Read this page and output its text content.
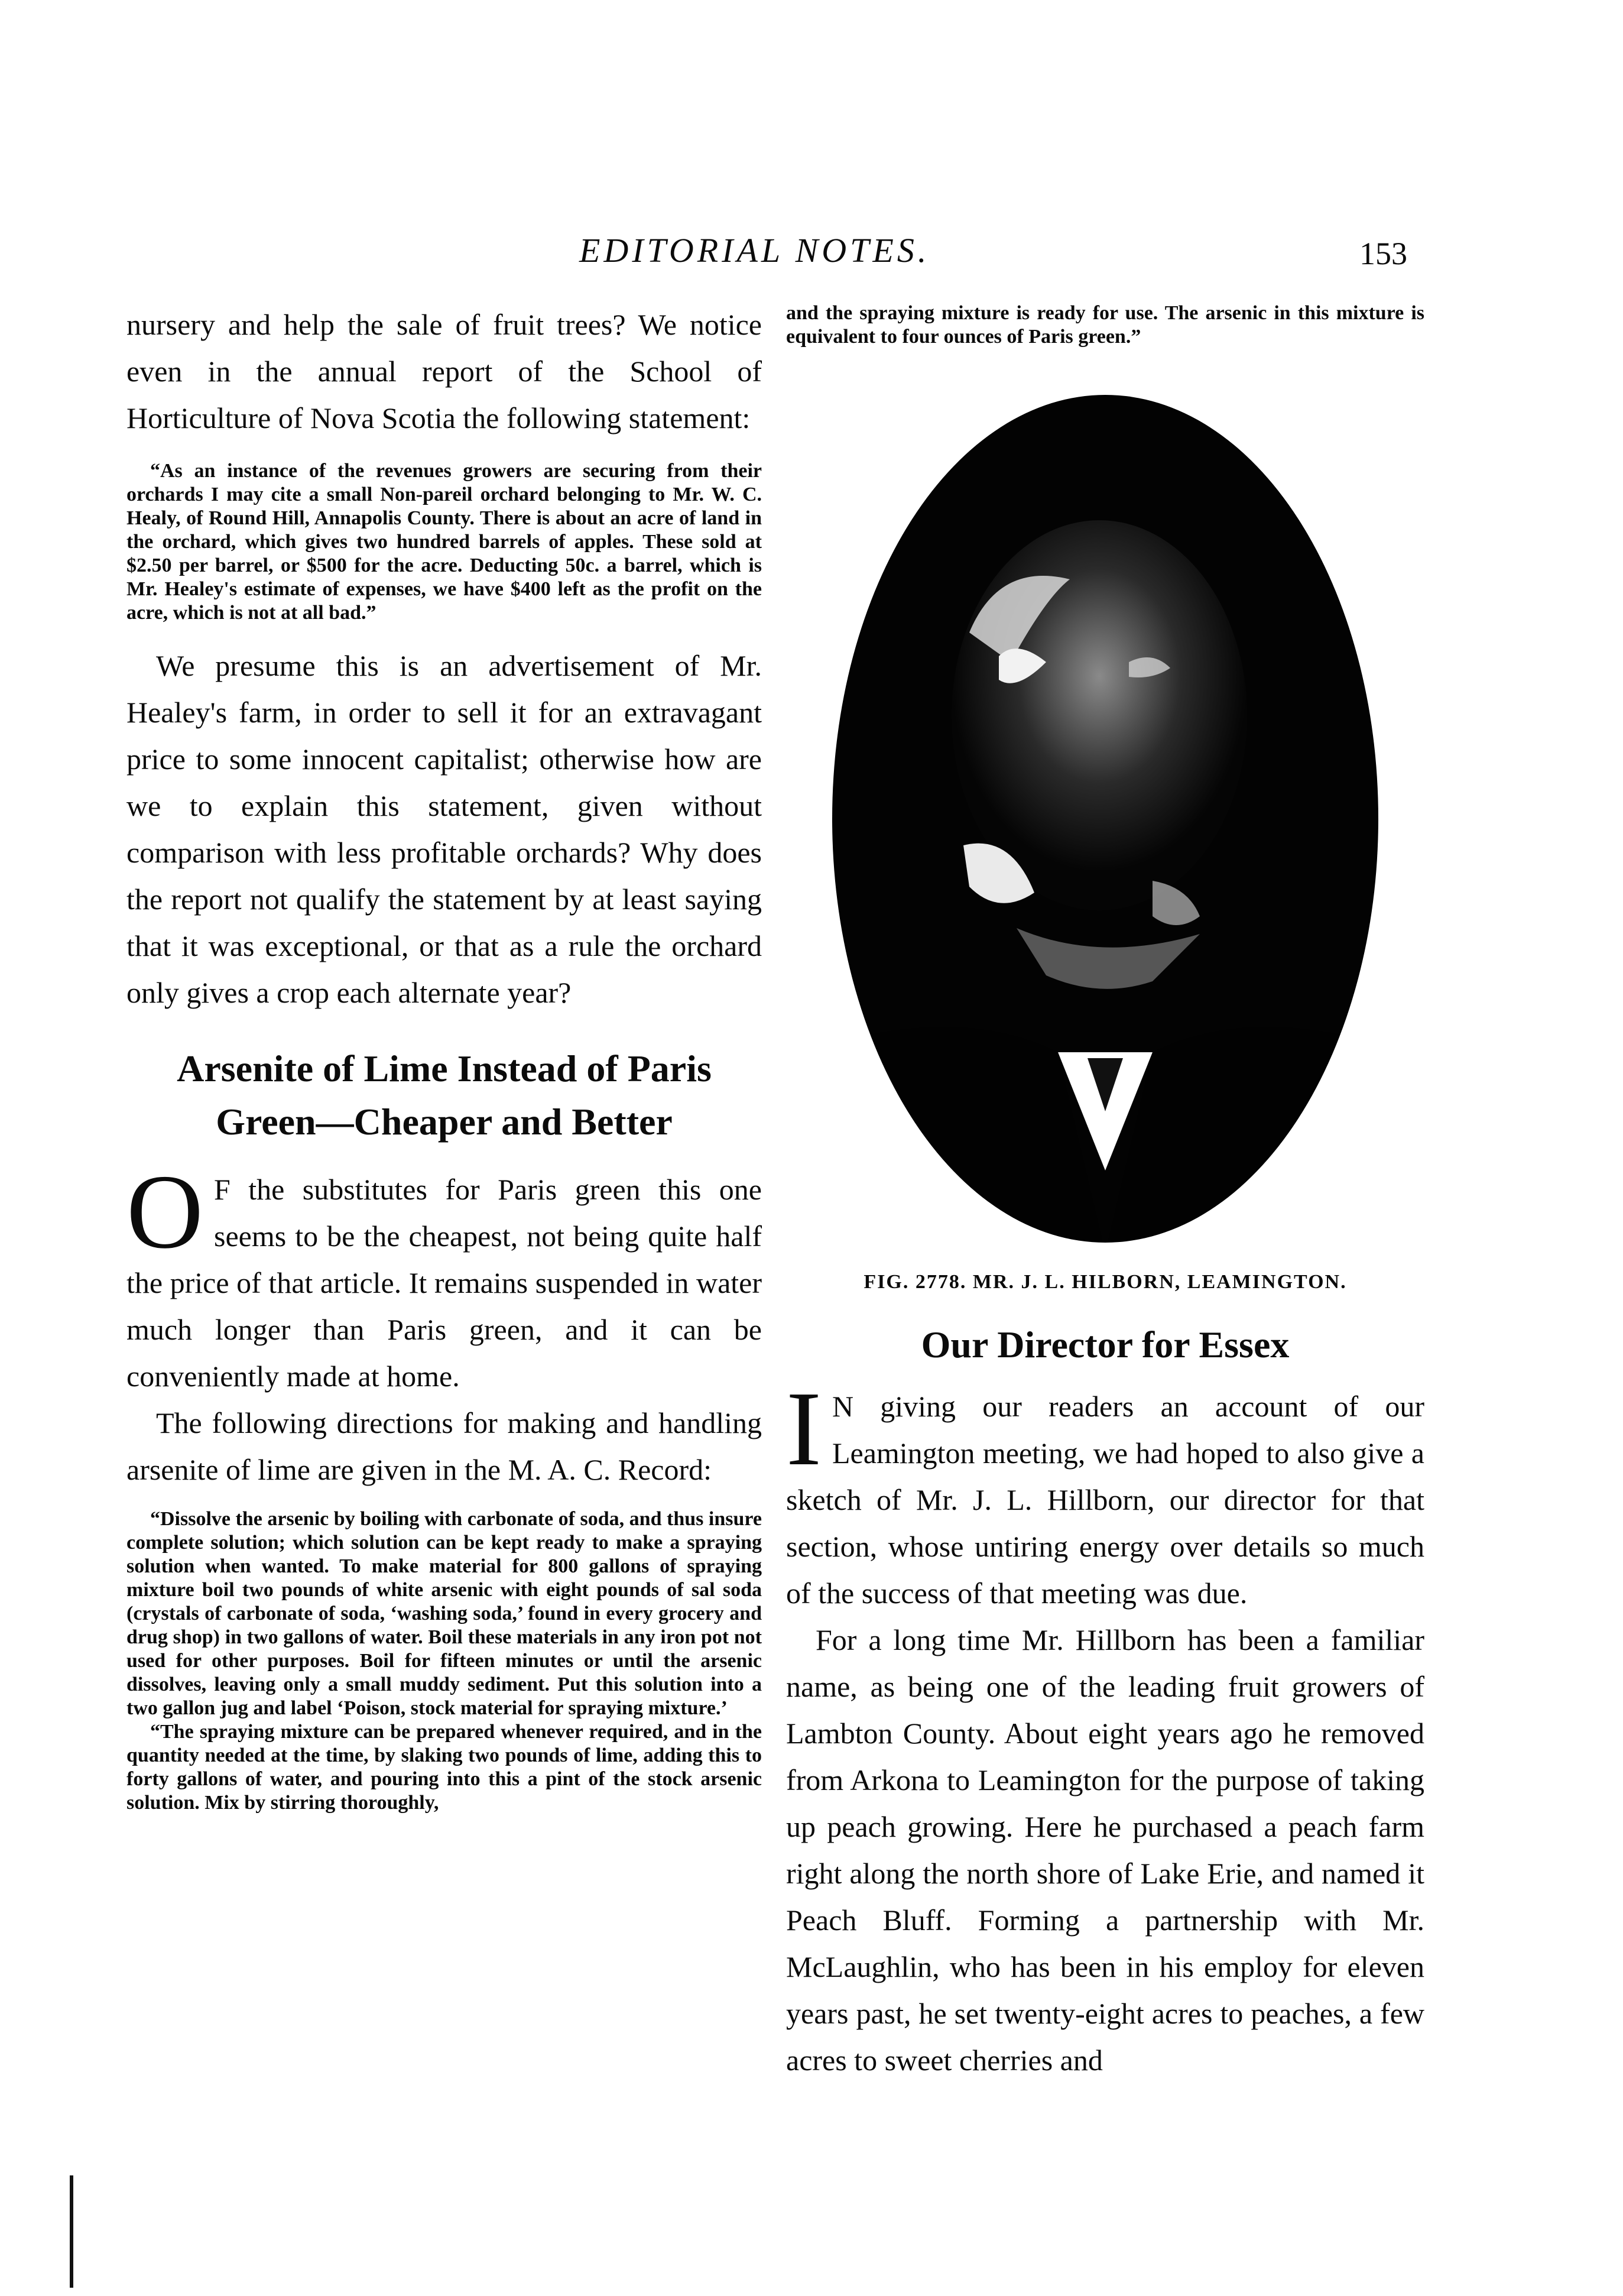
EDITORIAL NOTES.	153

nursery and help the sale of fruit trees? We notice even in the annual report of the School of Horticulture of Nova Scotia the following statement:

“As an instance of the revenues growers are securing from their orchards I may cite a small Non-pareil orchard belonging to Mr. W. C. Healy, of Round Hill, Annapolis County. There is about an acre of land in the orchard, which gives two hundred barrels of apples. These sold at $2.50 per barrel, or $500 for the acre. Deducting 50c. a barrel, which is Mr. Healey's estimate of expenses, we have $400 left as the profit on the acre, which is not at all bad.”

We presume this is an advertisement of Mr. Healey's farm, in order to sell it for an extravagant price to some innocent capitalist; otherwise how are we to explain this statement, given without comparison with less profitable orchards? Why does the report not qualify the statement by at least saying that it was exceptional, or that as a rule the orchard only gives a crop each alternate year?

Arsenite of Lime Instead of Paris
Green—Cheaper and Better
O F the substitutes for Paris green this one seems to be the cheapest, not being quite half the price of that article. It remains suspended in water much longer than Paris green, and it can be conveniently made at home.

The following directions for making and handling arsenite of lime are given in the M. A. C. Record:

“Dissolve the arsenic by boiling with carbonate of soda, and thus insure complete solution; which solution can be kept ready to make a spraying solution when wanted. To make material for 800 gallons of spraying mixture boil two pounds of white arsenic with eight pounds of sal soda (crystals of carbonate of soda, ‘washing soda,’ found in every grocery and drug shop) in two gallons of water. Boil these materials in any iron pot not used for other purposes. Boil for fifteen minutes or until the arsenic dissolves, leaving only a small muddy sediment. Put this solution into a two gallon jug and label ‘Poison, stock material for spraying mixture.’

“The spraying mixture can be prepared whenever required, and in the quantity needed at the time, by slaking two pounds of lime, adding this to forty gallons of water, and pouring into this a pint of the stock arsenic solution. Mix by stirring thoroughly,

and the spraying mixture is ready for use. The arsenic in this mixture is equivalent to four ounces of Paris green.”

FIG. 2778. MR. J. L. HILBORN, LEAMINGTON.
Our Director for Essex
I N giving our readers an account of our Leamington meeting, we had hoped to also give a sketch of Mr. J. L. Hillborn, our director for that section, whose untiring energy over details so much of the success of that meeting was due.

For a long time Mr. Hillborn has been a familiar name, as being one of the leading fruit growers of Lambton County. About eight years ago he removed from Arkona to Leamington for the purpose of taking up peach growing. Here he purchased a peach farm right along the north shore of Lake Erie, and named it Peach Bluff. Forming a partnership with Mr. McLaughlin, who has been in his employ for eleven years past, he set twenty-eight acres to peaches, a few acres to sweet cherries and
